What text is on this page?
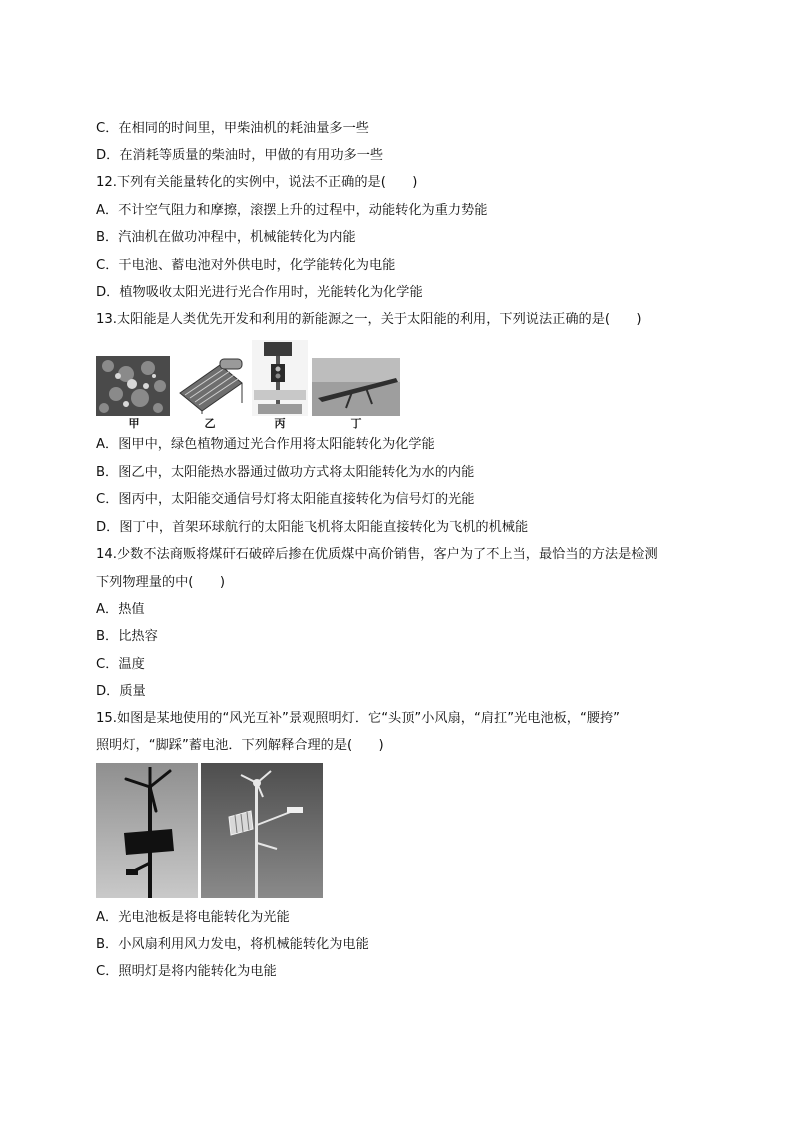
C．在相同的时间里，甲柴油机的耗油量多一些

D．在消耗等质量的柴油时，甲做的有用功多一些

12.下列有关能量转化的实例中，说法不正确的是(　　)

A．不计空气阻力和摩擦，滚摆上升的过程中，动能转化为重力势能

B．汽油机在做功冲程中，机械能转化为内能

C．干电池、蓄电池对外供电时，化学能转化为电能

D．植物吸收太阳光进行光合作用时，光能转化为化学能

13.太阳能是人类优先开发和利用的新能源之一，关于太阳能的利用，下列说法正确的是(　　)

甲	乙	丙	丁

A．图甲中，绿色植物通过光合作用将太阳能转化为化学能

B．图乙中，太阳能热水器通过做功方式将太阳能转化为水的内能

C．图丙中，太阳能交通信号灯将太阳能直接转化为信号灯的光能

D．图丁中，首架环球航行的太阳能飞机将太阳能直接转化为飞机的机械能

14.少数不法商贩将煤矸石破碎后掺在优质煤中高价销售，客户为了不上当，最恰当的方法是检测

下列物理量的中(　　)

A．热值

B．比热容

C．温度

D．质量

15.如图是某地使用的“风光互补”景观照明灯．它“头顶”小风扇，“肩扛”光电池板，“腰挎”

照明灯，“脚踩”蓄电池．下列解释合理的是(　　)

A．光电池板是将电能转化为光能

B．小风扇利用风力发电，将机械能转化为电能

C．照明灯是将内能转化为电能
